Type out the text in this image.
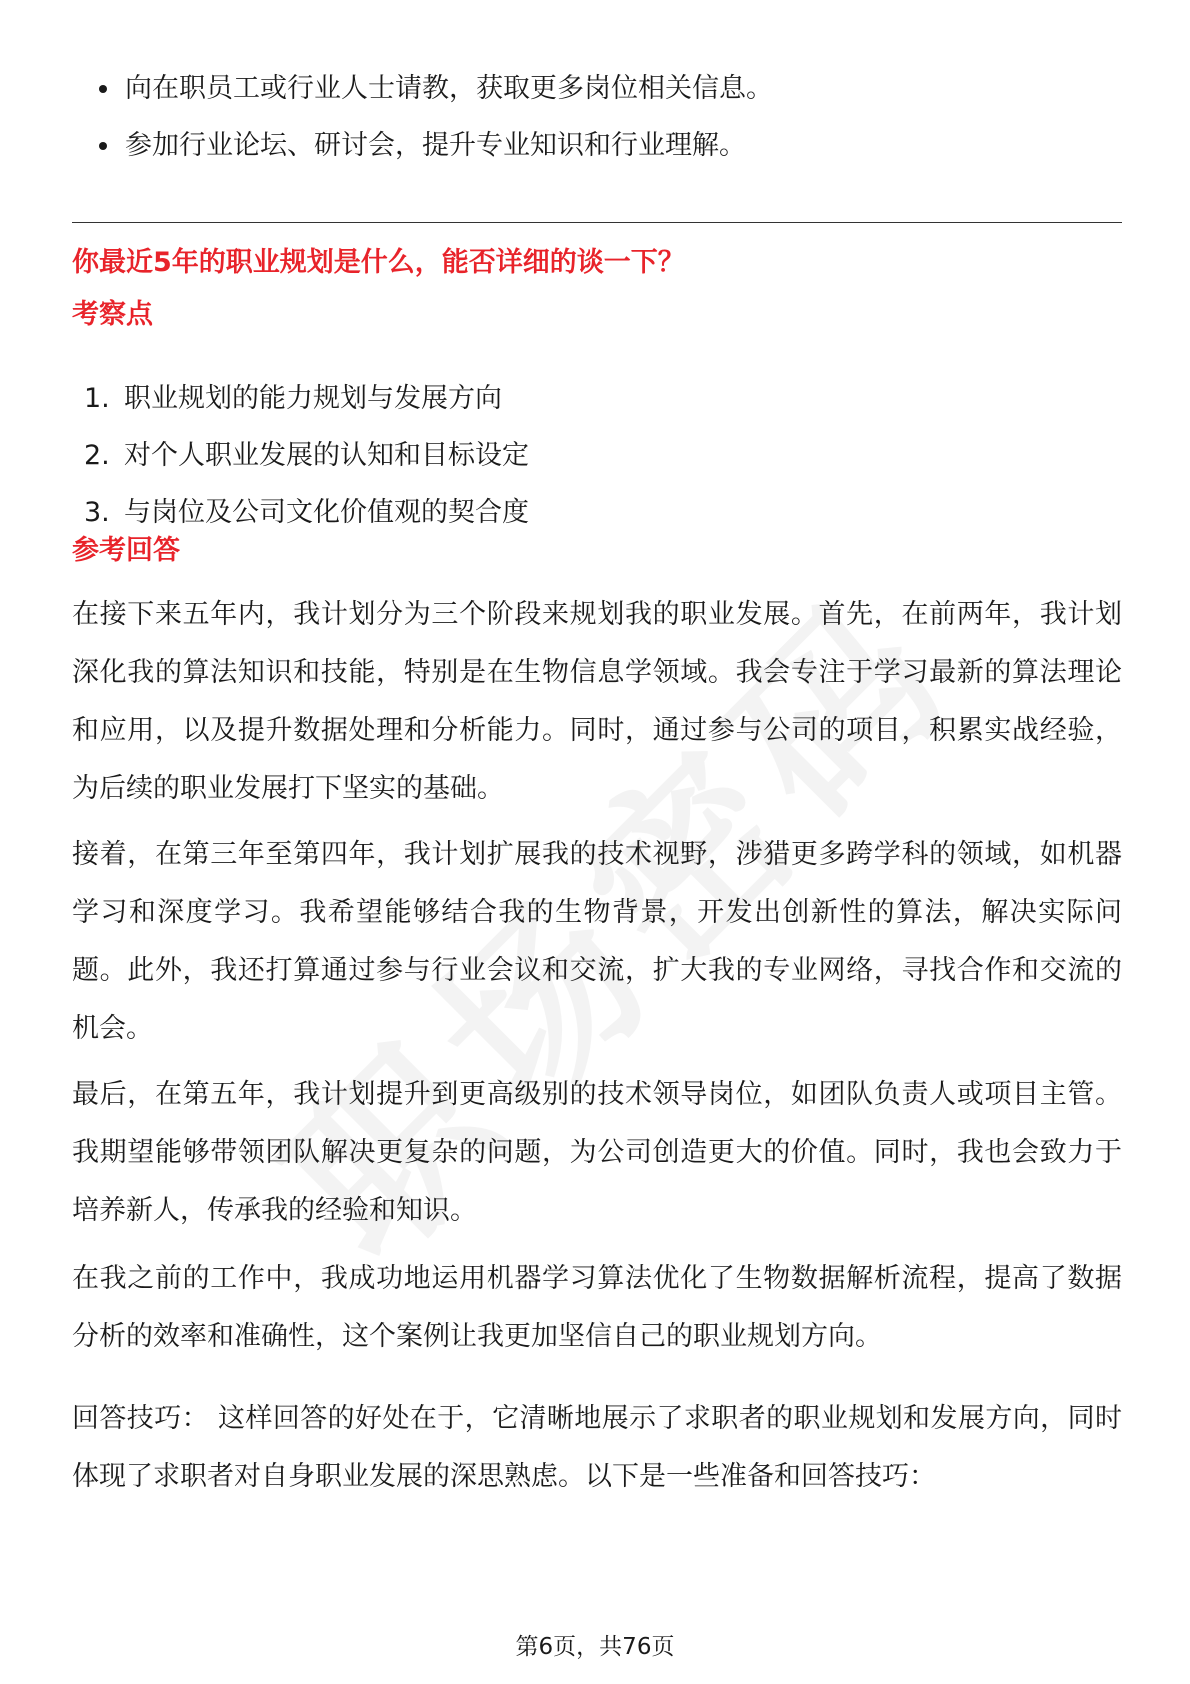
向在职员工或行业人士请教，获取更多岗位相关信息。
参加行业论坛、研讨会，提升专业知识和行业理解。
你最近5年的职业规划是什么，能否详细的谈一下？
考察点
1. 职业规划的能力规划与发展方向
2. 对个人职业发展的认知和目标设定
3. 与岗位及公司文化价值观的契合度
参考回答

在接下来五年内，我计划分为三个阶段来规划我的职业发展。首先，在前两年，我计划深化我的算法知识和技能，特别是在生物信息学领域。我会专注于学习最新的算法理论和应用，以及提升数据处理和分析能力。同时，通过参与公司的项目，积累实战经验，为后续的职业发展打下坚实的基础。

接着，在第三年至第四年，我计划扩展我的技术视野，涉猎更多跨学科的领域，如机器学习和深度学习。我希望能够结合我的生物背景，开发出创新性的算法，解决实际问题。此外，我还打算通过参与行业会议和交流，扩大我的专业网络，寻找合作和交流的机会。

最后，在第五年，我计划提升到更高级别的技术领导岗位，如团队负责人或项目主管。我期望能够带领团队解决更复杂的问题，为公司创造更大的价值。同时，我也会致力于培养新人，传承我的经验和知识。

在我之前的工作中，我成功地运用机器学习算法优化了生物数据解析流程，提高了数据分析的效率和准确性，这个案例让我更加坚信自己的职业规划方向。

回答技巧： 这样回答的好处在于，它清晰地展示了求职者的职业规划和发展方向，同时体现了求职者对自身职业发展的深思熟虑。以下是一些准备和回答技巧：

第6页，共76页
